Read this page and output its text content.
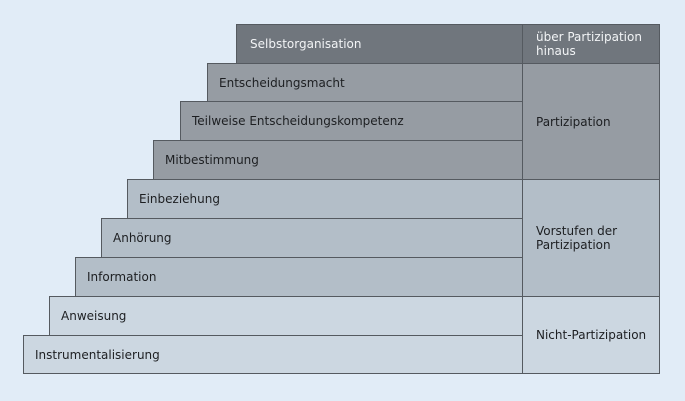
Selbstorganisation
Entscheidungsmacht
Teilweise Entscheidungskompetenz
Mitbestimmung
Einbeziehung
Anhörung
Information
Anweisung
Instrumentalisierung
über Partizipation hinaus
Partizipation
Vorstufen der Partizipation
Nicht-Partizipation
